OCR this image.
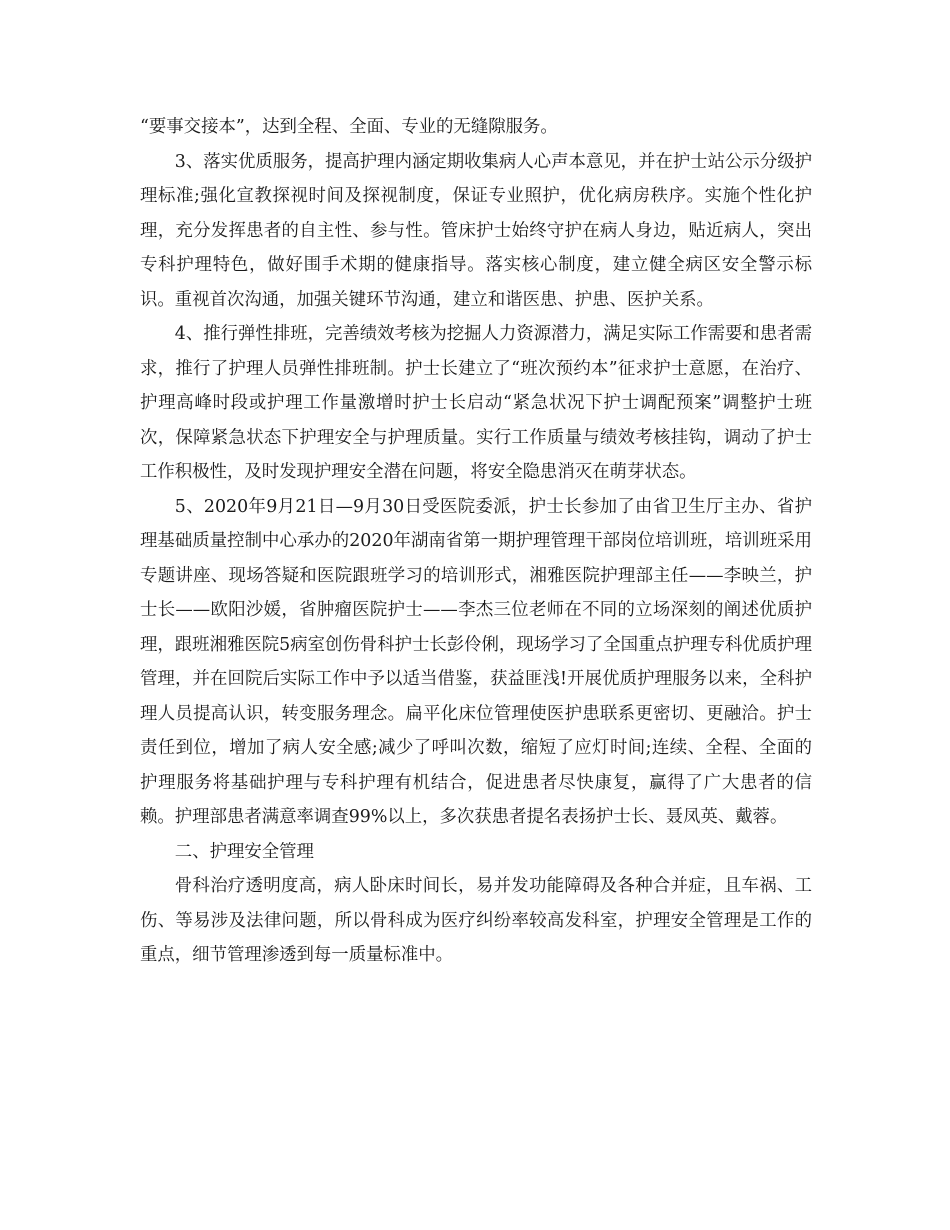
“要事交接本”，达到全程、全面、专业的无缝隙服务。

3、落实优质服务，提高护理内涵定期收集病人心声本意见，并在护士站公示分级护理标准;强化宣教探视时间及探视制度，保证专业照护，优化病房秩序。实施个性化护理，充分发挥患者的自主性、参与性。管床护士始终守护在病人身边，贴近病人，突出专科护理特色，做好围手术期的健康指导。落实核心制度，建立健全病区安全警示标识。重视首次沟通，加强关键环节沟通，建立和谐医患、护患、医护关系。

4、推行弹性排班，完善绩效考核为挖掘人力资源潜力，满足实际工作需要和患者需求，推行了护理人员弹性排班制。护士长建立了“班次预约本”征求护士意愿，在治疗、护理高峰时段或护理工作量激增时护士长启动“紧急状况下护士调配预案”调整护士班次，保障紧急状态下护理安全与护理质量。实行工作质量与绩效考核挂钩，调动了护士工作积极性，及时发现护理安全潜在问题，将安全隐患消灭在萌芽状态。

5、2020年9月21日—9月30日受医院委派，护士长参加了由省卫生厅主办、省护理基础质量控制中心承办的2020年湖南省第一期护理管理干部岗位培训班，培训班采用专题讲座、现场答疑和医院跟班学习的培训形式，湘雅医院护理部主任——李映兰，护士长——欧阳沙媛，省肿瘤医院护士——李杰三位老师在不同的立场深刻的阐述优质护理，跟班湘雅医院5病室创伤骨科护士长彭伶俐，现场学习了全国重点护理专科优质护理管理，并在回院后实际工作中予以适当借鉴，获益匪浅!开展优质护理服务以来，全科护理人员提高认识，转变服务理念。扁平化床位管理使医护患联系更密切、更融洽。护士责任到位，增加了病人安全感;减少了呼叫次数，缩短了应灯时间;连续、全程、全面的护理服务将基础护理与专科护理有机结合，促进患者尽快康复，赢得了广大患者的信赖。护理部患者满意率调查99%以上，多次获患者提名表扬护士长、聂凤英、戴蓉。

二、护理安全管理

骨科治疗透明度高，病人卧床时间长，易并发功能障碍及各种合并症，且车祸、工伤、等易涉及法律问题，所以骨科成为医疗纠纷率较高发科室，护理安全管理是工作的重点，细节管理渗透到每一质量标准中。
